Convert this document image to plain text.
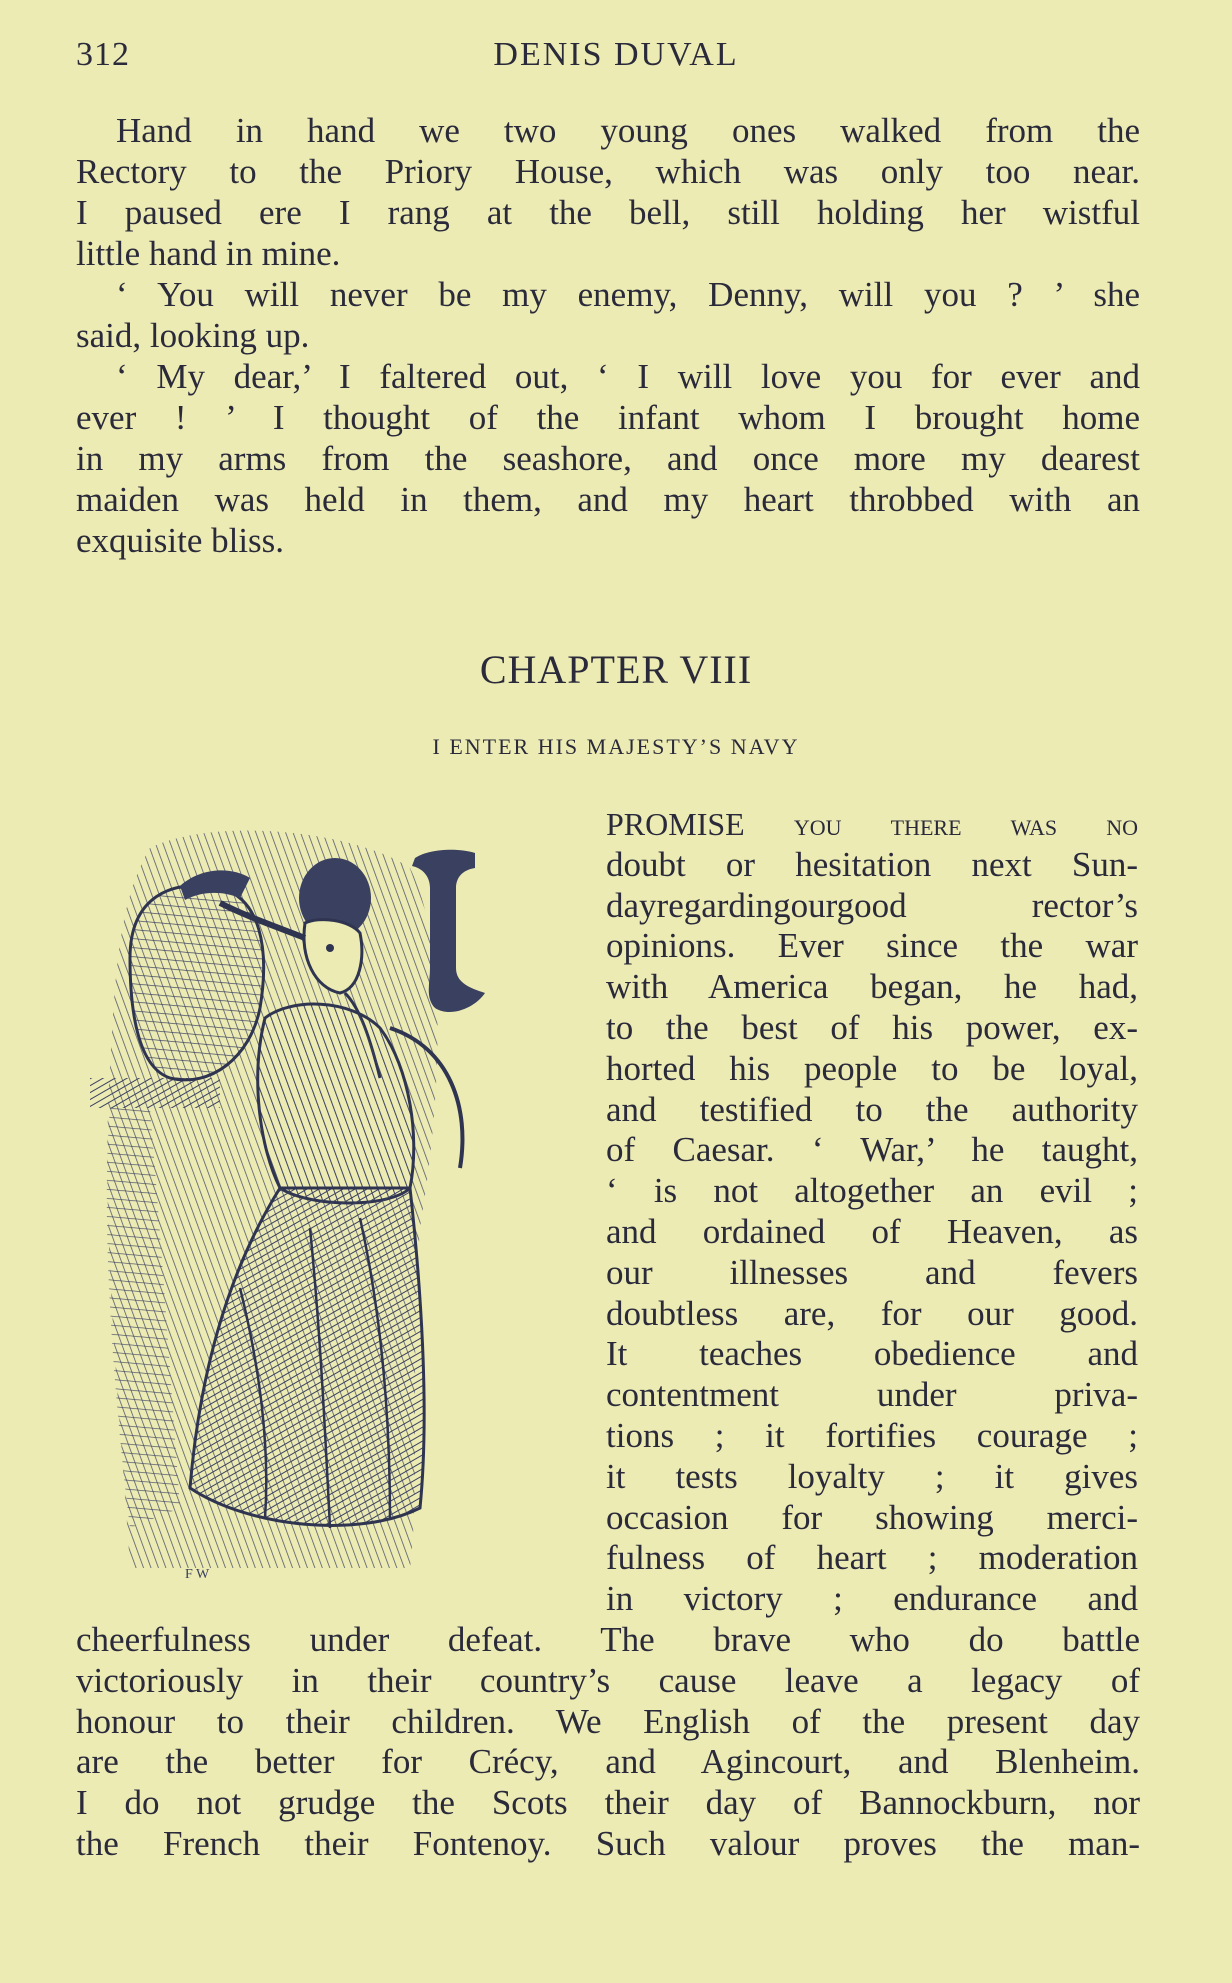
312	DENIS DUVAL
Hand in hand we two young ones walked from the
Rectory to the Priory House, which was only too near.
I paused ere I rang at the bell, still holding her wistful
little hand in mine.
‘ You will never be my enemy, Denny, will you ? ’ she
said, looking up.
‘ My dear,’ I faltered out, ‘ I will love you for ever and
ever ! ’ I thought of the infant whom I brought home
in my arms from the seashore, and once more my dearest
maiden was held in them, and my heart throbbed with an
exquisite bliss.
CHAPTER VIII
I ENTER HIS MAJESTY’S NAVY
F W
PROMISE you there was no
doubt or hesitation next Sun-
dayregardingourgood rector’s
opinions. Ever since the war
with America began, he had,
to the best of his power, ex-
horted his people to be loyal,
and testified to the authority
of Caesar. ‘ War,’ he taught,
‘ is not altogether an evil ;
and ordained of Heaven, as
our illnesses and fevers
doubtless are, for our good.
It teaches obedience and
contentment under priva-
tions ; it fortifies courage ;
it tests loyalty ; it gives
occasion for showing merci-
fulness of heart ; moderation
in victory ; endurance and
cheerfulness under defeat. The brave who do battle
victoriously in their country’s cause leave a legacy of
honour to their children. We English of the present day
are the better for Crécy, and Agincourt, and Blenheim.
I do not grudge the Scots their day of Bannockburn, nor
the French their Fontenoy. Such valour proves the man-
